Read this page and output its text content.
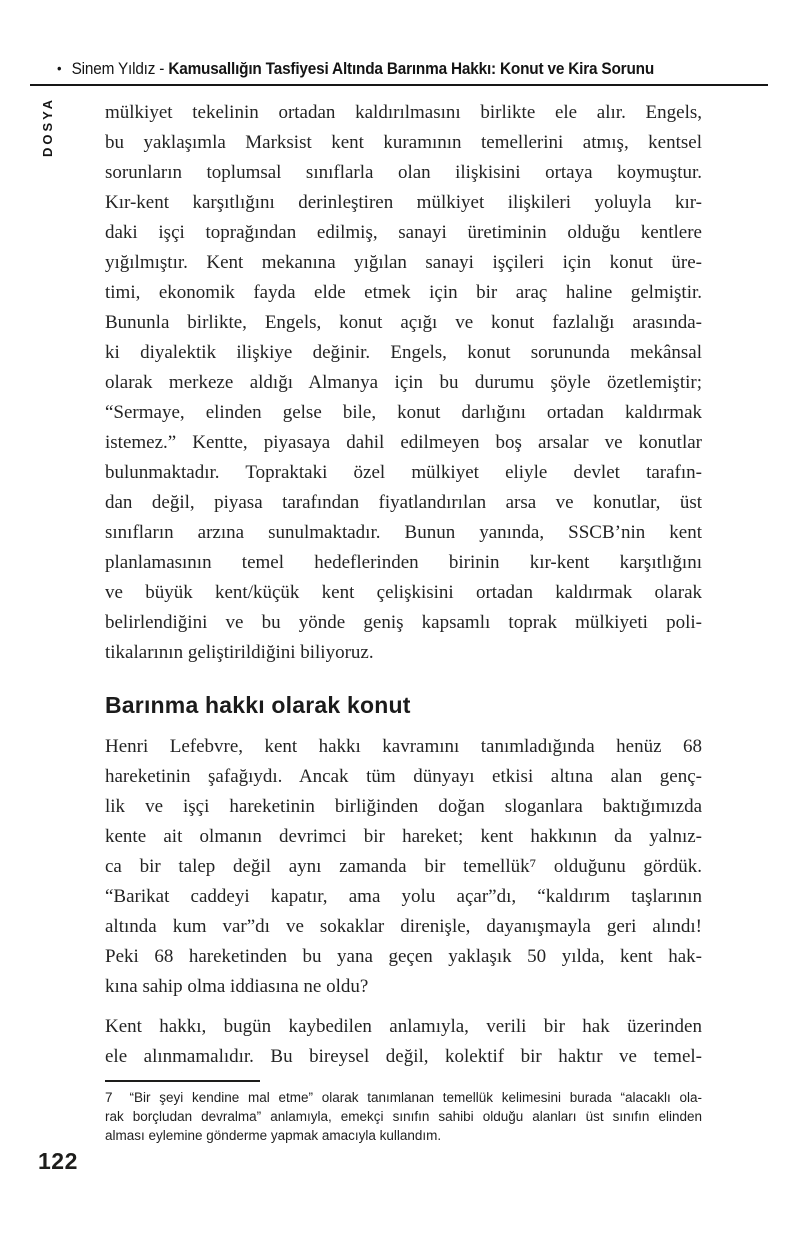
• Sinem Yıldız - Kamusallığın Tasfiyesi Altında Barınma Hakkı: Konut ve Kira Sorunu
DOSYA	mülkiyet tekelinin ortadan kaldırılmasını birlikte ele alır. Engels,
bu yaklaşımla Marksist kent kuramının temellerini atmış, kentsel
sorunların toplumsal sınıflarla olan ilişkisini ortaya koymuştur.
Kır-kent karşıtlığını derinleştiren mülkiyet ilişkileri yoluyla kır-
daki işçi toprağından edilmiş, sanayi üretiminin olduğu kentlere
yığılmıştır. Kent mekanına yığılan sanayi işçileri için konut üre-
timi, ekonomik fayda elde etmek için bir araç haline gelmiştir.
Bununla birlikte, Engels, konut açığı ve konut fazlalığı arasında-
ki diyalektik ilişkiye değinir. Engels, konut sorununda mekânsal
olarak merkeze aldığı Almanya için bu durumu şöyle özetlemiştir;
“Sermaye, elinden gelse bile, konut darlığını ortadan kaldırmak
istemez.” Kentte, piyasaya dahil edilmeyen boş arsalar ve konutlar
bulunmaktadır. Topraktaki özel mülkiyet eliyle devlet tarafın-
dan değil, piyasa tarafından fiyatlandırılan arsa ve konutlar, üst
sınıfların arzına sunulmaktadır. Bunun yanında, SSCB’nin kent
planlamasının temel hedeflerinden birinin kır-kent karşıtlığını
ve büyük kent/küçük kent çelişkisini ortadan kaldırmak olarak
belirlendiğini ve bu yönde geniş kapsamlı toprak mülkiyeti poli-
tikalarının geliştirildiğini biliyoruz.
Barınma hakkı olarak konut
Henri Lefebvre, kent hakkı kavramını tanımladığında henüz 68
hareketinin şafağıydı. Ancak tüm dünyayı etkisi altına alan genç-
lik ve işçi hareketinin birliğinden doğan sloganlara baktığımızda
kente ait olmanın devrimci bir hareket; kent hakkının da yalnız-
ca bir talep değil aynı zamanda bir temellük⁷ olduğunu gördük.
“Barikat caddeyi kapatır, ama yolu açar”dı, “kaldırım taşlarının
altında kum var”dı ve sokaklar direnişle, dayanışmayla geri alındı!
Peki 68 hareketinden bu yana geçen yaklaşık 50 yılda, kent hak-
kına sahip olma iddiasına ne oldu?
Kent hakkı, bugün kaybedilen anlamıyla, verili bir hak üzerinden
ele alınmamalıdır. Bu bireysel değil, kolektif bir haktır ve temel-
7 “Bir şeyi kendine mal etme” olarak tanımlanan temellük kelimesini burada “alacaklı ola-
rak borçludan devralma” anlamıyla, emekçi sınıfın sahibi olduğu alanları üst sınıfın elinden
alması eylemine gönderme yapmak amacıyla kullandım.
122
